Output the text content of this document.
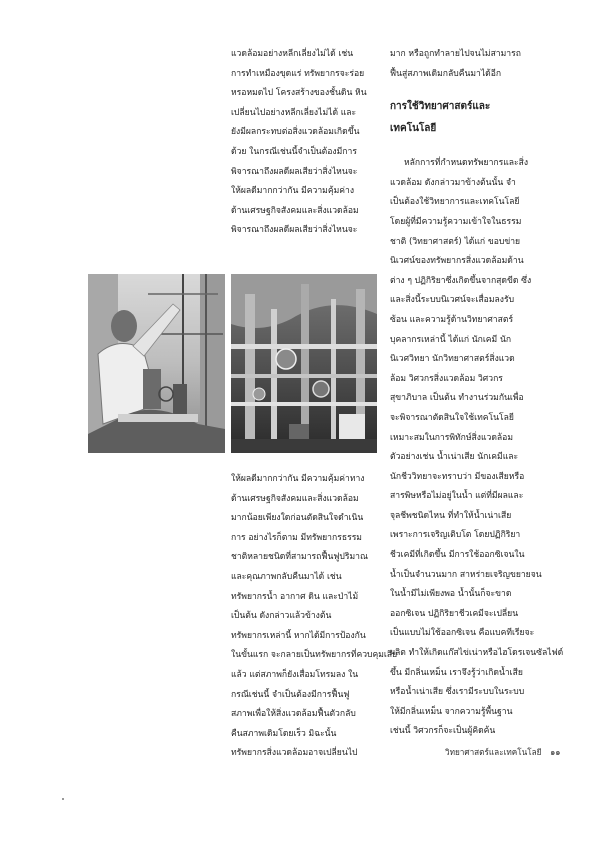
แวดล้อมอย่างหลีกเลี่ยงไม่ได้ เช่น

การทำเหมืองขุดแร่ ทรัพยากรจะร่อย

หรอหมดไป โครงสร้างของชั้นดิน หิน

เปลี่ยนไปอย่างหลีกเลี่ยงไม่ได้ และ

ยังมีผลกระทบต่อสิ่งแวดล้อมเกิดขึ้น

ด้วย ในกรณีเช่นนี้จำเป็นต้องมีการ

พิจารณาถึงผลดีผลเสียว่าสิ่งไหนจะ

ให้ผลดีมากกว่ากัน มีความคุ้มค่าง

ด้านเศรษฐกิจสังคมและสิ่งแวดล้อม

พิจารณาถึงผลดีผลเสียว่าสิ่งไหนจะ

ให้ผลดีมากกว่ากัน มีความคุ้มค่าทาง

ด้านเศรษฐกิจสังคมและสิ่งแวดล้อม

มากน้อยเพียงใดก่อนตัดสินใจดำเนิน

การ อย่างไรก็ตาม มีทรัพยากรธรรม

ชาติหลายชนิดที่สามารถฟื้นฟูปริมาณ

และคุณภาพกลับคืนมาได้ เช่น

ทรัพยากรน้ำ อากาศ ดิน และป่าไม้

เป็นต้น ดังกล่าวแล้วข้างต้น

ทรัพยากรเหล่านี้ หากได้มีการป้องกัน

ในขั้นแรก จะกลายเป็นทรัพยากรที่ควบคุมเสีย

แล้ว แต่สภาพก็ยังเสื่อมโทรมลง ใน

กรณีเช่นนี้ จำเป็นต้องมีการฟื้นฟู

สภาพเพื่อให้สิ่งแวดล้อมฟื้นตัวกลับ

คืนสภาพเดิมโดยเร็ว มิฉะนั้น

ทรัพยากรสิ่งแวดล้อมอาจเปลี่ยนไป

มาก หรือถูกทำลายไปจนไม่สามารถ

ฟื้นสู่สภาพเดิมกลับคืนมาได้อีก

การใช้วิทยาศาสตร์และ
เทคโนโลยี

หลักการที่กำหนดทรัพยากรและสิ่ง

แวดล้อม ดังกล่าวมาข้างต้นนั้น จำ

เป็นต้องใช้วิทยาการและเทคโนโลยี

โดยผู้ที่มีความรู้ความเข้าใจในธรรม

ชาติ (วิทยาศาสตร์) ได้แก่ ขอบข่าย

นิเวศน์ของทรัพยากรสิ่งแวดล้อมด้าน

ต่าง ๆ ปฏิกิริยาซึ่งเกิดขึ้นจากสุดขีด ซึ่ง

และสิ่งนี้ระบบนิเวศน์จะเสื่อมลงรับ

ซ้อน และความรู้ด้านวิทยาศาสตร์

บุคลากรเหล่านี้ ได้แก่ นักเคมี นัก

นิเวศวิทยา นักวิทยาศาสตร์สิ่งแวด

ล้อม วิศวกรสิ่งแวดล้อม วิศวกร

สุขาภิบาล เป็นต้น ทำงานร่วมกันเพื่อ

จะพิจารณาตัดสินใจใช้เทคโนโลยี

เหมาะสมในการพิทักษ์สิ่งแวดล้อม

ตัวอย่างเช่น น้ำเน่าเสีย นักเคมีและ

นักชีววิทยาจะทราบว่า มีของเสียหรือ

สารพิษหรือไม่อยู่ในน้ำ แต่ที่มีผลและ

จุลชีพชนิดไหน ที่ทำให้น้ำเน่าเสีย

เพราะการเจริญเติบโต โดยปฏิกิริยา

ชีวเคมีที่เกิดขึ้น มีการใช้ออกซิเจนใน

น้ำเป็นจำนวนมาก สาหร่ายเจริญขยายจน

ในน้ำมีไม่เพียงพอ น้ำนั้นก็จะขาด

ออกซิเจน ปฏิกิริยาชีวเคมีจะเปลี่ยน

เป็นแบบไม่ใช้ออกซิเจน คือแบคทีเรียจะ

ผลิต ทำให้เกิดแก๊สไข่เน่าหรือไฮโดรเจนซัลไฟด์

ขึ้น มีกลิ่นเหม็น เราจึงรู้ว่าเกิดน้ำเสีย

หรือน้ำเน่าเสีย ซึ่งเรามีระบบในระบบ

ให้มีกลิ่นเหม็น จากความรู้พื้นฐาน

เช่นนี้ วิศวกรก็จะเป็นผู้คิดค้น

วิทยาศาสตร์และเทคโนโลยี ๑๑
